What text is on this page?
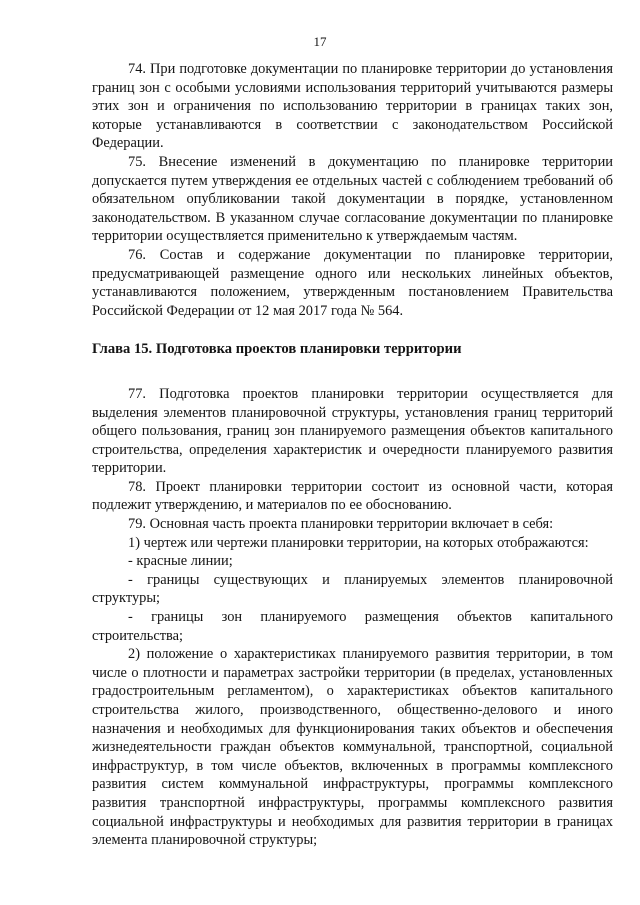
17

74. При подготовке документации по планировке территории до установления границ зон с особыми условиями использования территорий учитываются размеры этих зон и ограничения по использованию территории в границах таких зон, которые устанавливаются в соответствии с законодательством Российской Федерации.

75. Внесение изменений в документацию по планировке территории допускается путем утверждения ее отдельных частей с соблюдением требований об обязательном опубликовании такой документации в порядке, установленном законодательством. В указанном случае согласование документации по планировке территории осуществляется применительно к утверждаемым частям.

76. Состав и содержание документации по планировке территории, предусматривающей размещение одного или нескольких линейных объектов, устанавливаются положением, утвержденным постановлением Правительства Российской Федерации от 12 мая 2017 года № 564.

Глава 15. Подготовка проектов планировки территории

77. Подготовка проектов планировки территории осуществляется для выделения элементов планировочной структуры, установления границ территорий общего пользования, границ зон планируемого размещения объектов капитального строительства, определения характеристик и очередности планируемого развития территории.

78. Проект планировки территории состоит из основной части, которая подлежит утверждению, и материалов по ее обоснованию.

79. Основная часть проекта планировки территории включает в себя:

1) чертеж или чертежи планировки территории, на которых отображаются:

- красные линии;

- границы существующих и планируемых элементов планировочной структуры;

- границы зон планируемого размещения объектов капитального строительства;

2) положение о характеристиках планируемого развития территории, в том числе о плотности и параметрах застройки территории (в пределах, установленных градостроительным регламентом), о характеристиках объектов капитального строительства жилого, производственного, общественно-делового и иного назначения и необходимых для функционирования таких объектов и обеспечения жизнедеятельности граждан объектов коммунальной, транспортной, социальной инфраструктур, в том числе объектов, включенных в программы комплексного развития систем коммунальной инфраструктуры, программы комплексного развития транспортной инфраструктуры, программы комплексного развития социальной инфраструктуры и необходимых для развития территории в границах элемента планировочной структуры;
